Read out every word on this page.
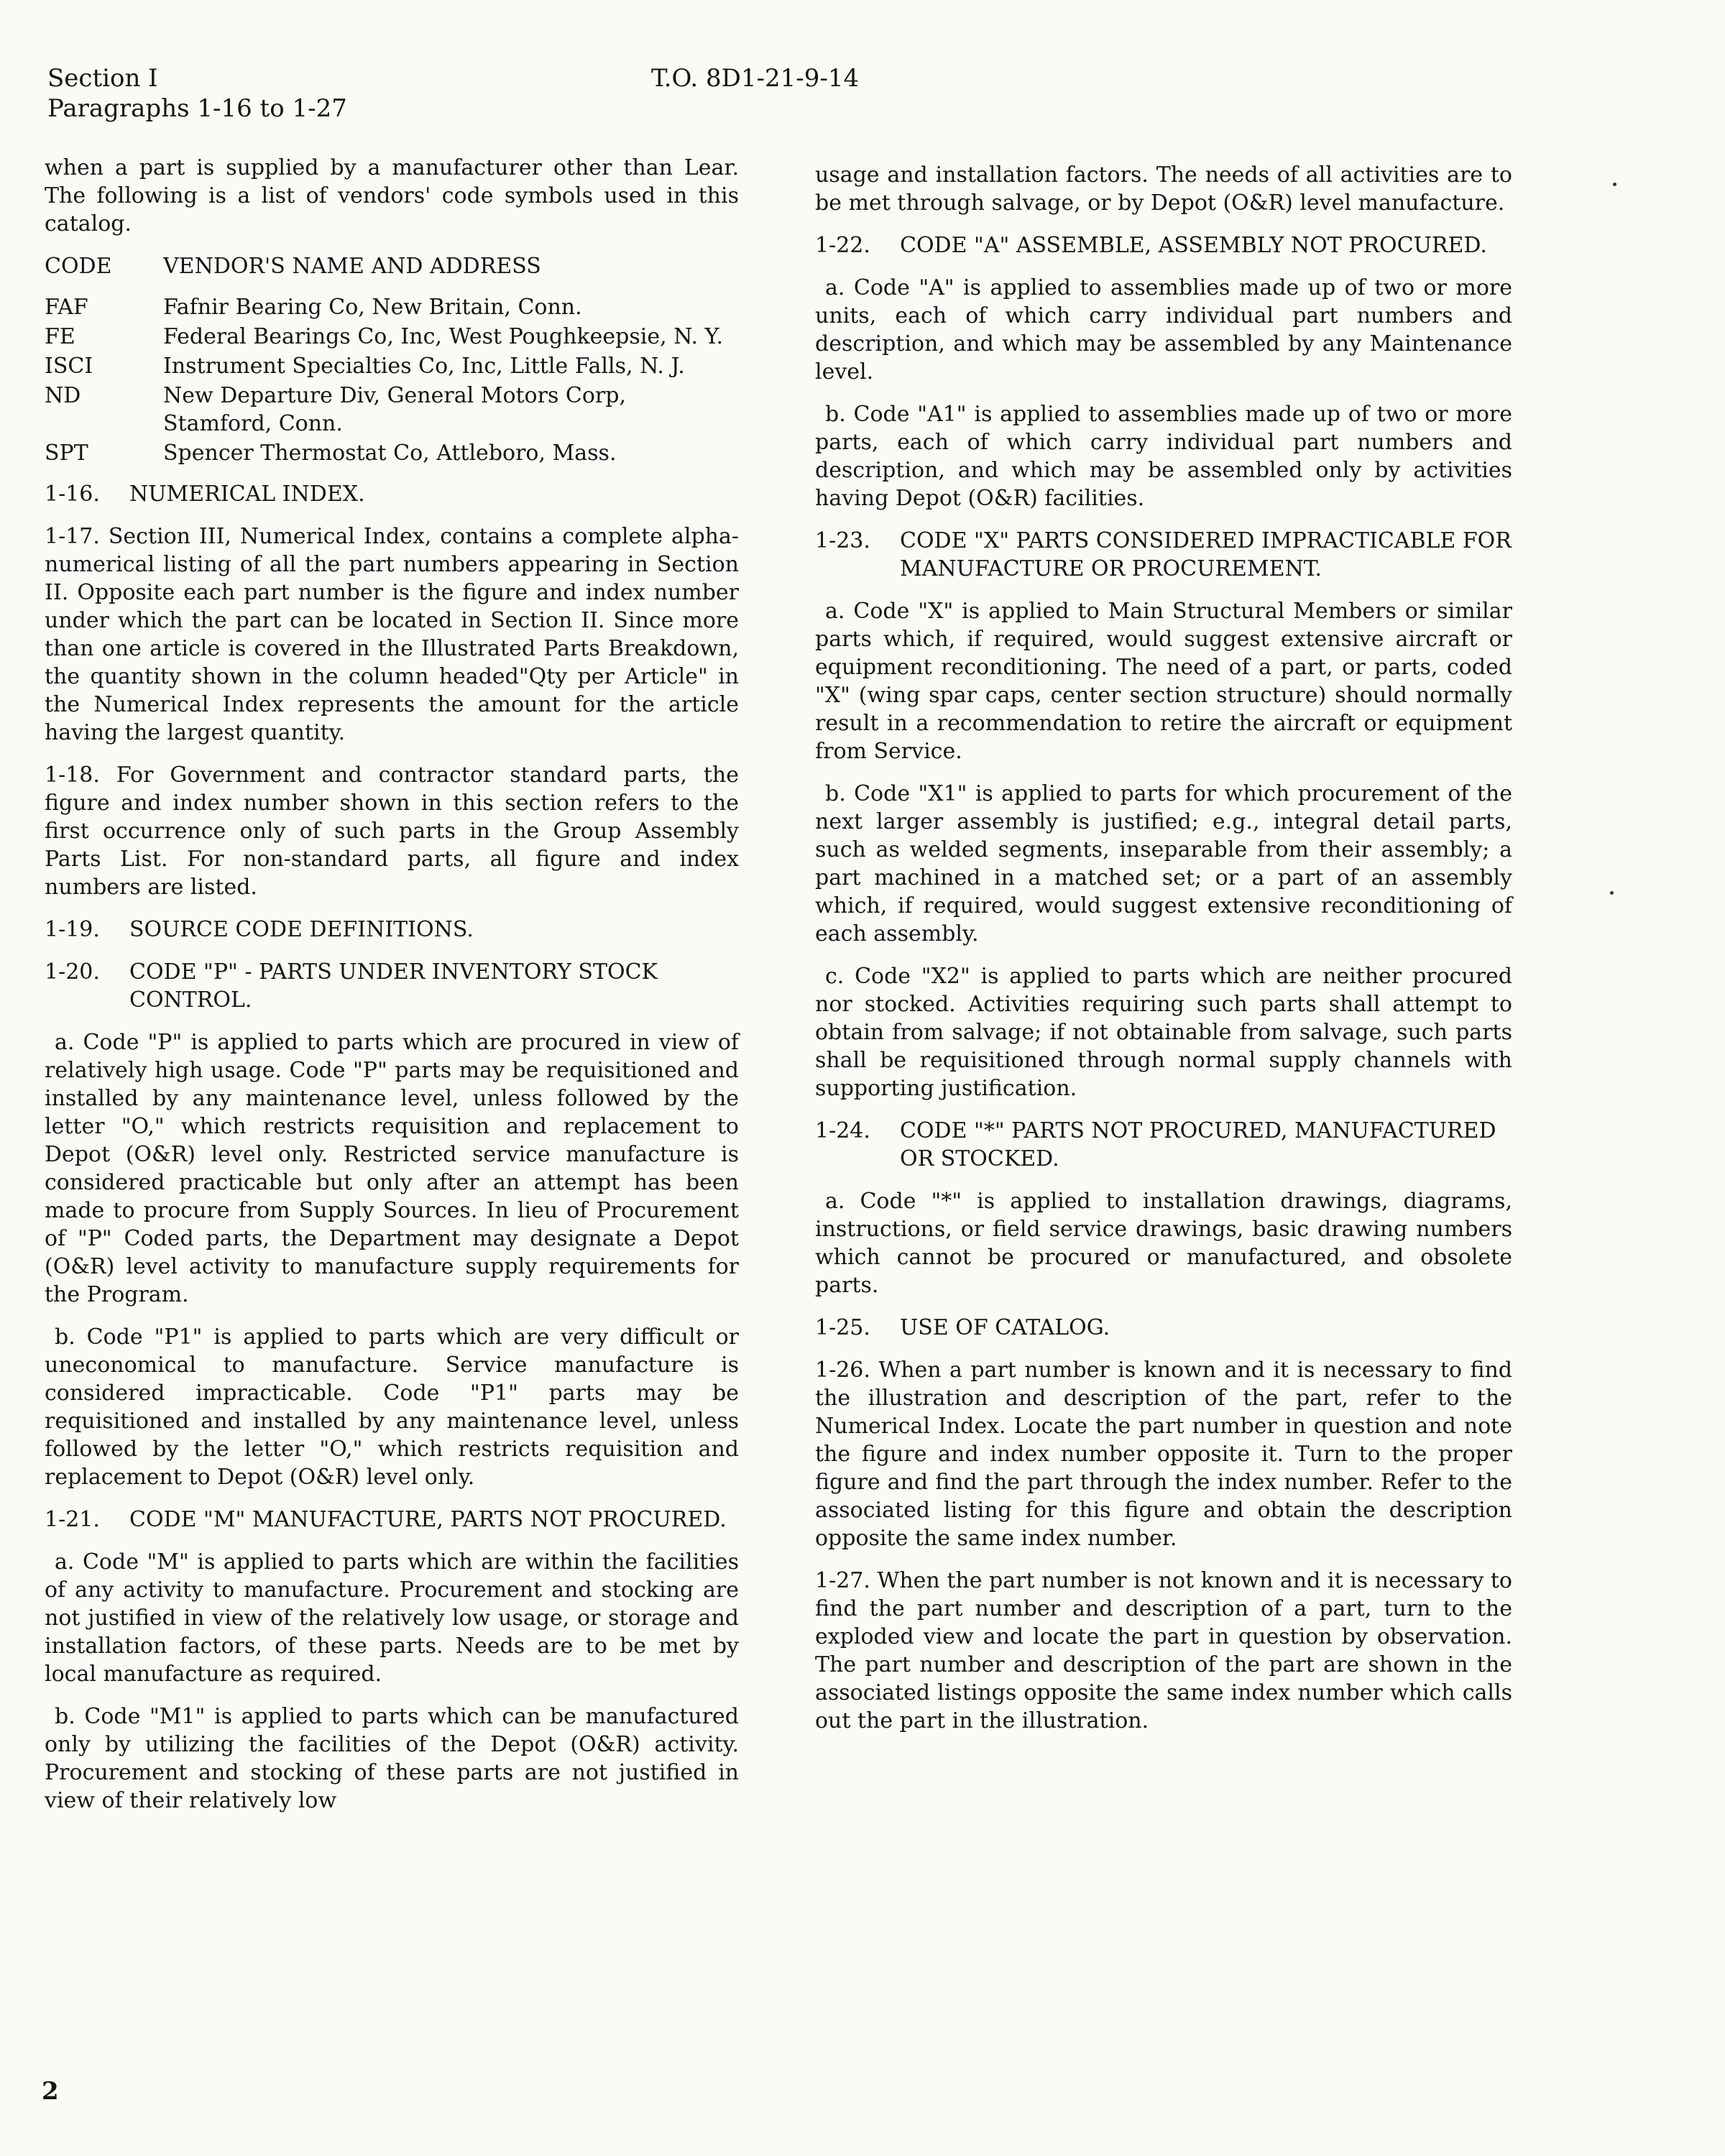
Section I
Paragraphs 1-16 to 1-27
T.O. 8D1-21-9-14

when a part is supplied by a manufacturer other than Lear. The following is a list of vendors' code symbols used in this catalog.

CODE	VENDOR'S NAME AND ADDRESS
FAF	Fafnir Bearing Co, New Britain, Conn.
FE	Federal Bearings Co, Inc, West Poughkeepsie, N. Y.
ISCI	Instrument Specialties Co, Inc, Little Falls, N. J.
ND	New Departure Div, General Motors Corp, Stamford, Conn.
SPT	Spencer Thermostat Co, Attleboro, Mass.
1-16.	NUMERICAL INDEX.

1-17. Section III, Numerical Index, contains a complete alpha-numerical listing of all the part numbers appearing in Section II. Opposite each part number is the figure and index number under which the part can be located in Section II. Since more than one article is covered in the Illustrated Parts Breakdown, the quantity shown in the column headed"Qty per Article" in the Numerical Index represents the amount for the article having the largest quantity.

1-18. For Government and contractor standard parts, the figure and index number shown in this section refers to the first occurrence only of such parts in the Group Assembly Parts List. For non-standard parts, all figure and index numbers are listed.

1-19.	SOURCE CODE DEFINITIONS.
1-20.	CODE "P" - PARTS UNDER INVENTORY STOCK CONTROL.

a. Code "P" is applied to parts which are procured in view of relatively high usage. Code "P" parts may be requisitioned and installed by any maintenance level, unless followed by the letter "O," which restricts requisition and replacement to Depot (O&R) level only. Restricted service manufacture is considered practicable but only after an attempt has been made to procure from Supply Sources. In lieu of Procurement of "P" Coded parts, the Department may designate a Depot (O&R) level activity to manufacture supply requirements for the Program.

b. Code "P1" is applied to parts which are very difficult or uneconomical to manufacture. Service manufacture is considered impracticable. Code "P1" parts may be requisitioned and installed by any maintenance level, unless followed by the letter "O," which restricts requisition and replacement to Depot (O&R) level only.

1-21.	CODE "M" MANUFACTURE, PARTS NOT PROCURED.

a. Code "M" is applied to parts which are within the facilities of any activity to manufacture. Procurement and stocking are not justified in view of the relatively low usage, or storage and installation factors, of these parts. Needs are to be met by local manufacture as required.

b. Code "M1" is applied to parts which can be manufactured only by utilizing the facilities of the Depot (O&R) activity. Procurement and stocking of these parts are not justified in view of their relatively low

usage and installation factors. The needs of all activities are to be met through salvage, or by Depot (O&R) level manufacture.

1-22.	CODE "A" ASSEMBLE, ASSEMBLY NOT PROCURED.

a. Code "A" is applied to assemblies made up of two or more units, each of which carry individual part numbers and description, and which may be assembled by any Maintenance level.

b. Code "A1" is applied to assemblies made up of two or more parts, each of which carry individual part numbers and description, and which may be assembled only by activities having Depot (O&R) facilities.

1-23.	CODE "X" PARTS CONSIDERED IMPRACTICABLE FOR MANUFACTURE OR PROCUREMENT.

a. Code "X" is applied to Main Structural Members or similar parts which, if required, would suggest extensive aircraft or equipment reconditioning. The need of a part, or parts, coded "X" (wing spar caps, center section structure) should normally result in a recommendation to retire the aircraft or equipment from Service.

b. Code "X1" is applied to parts for which procurement of the next larger assembly is justified; e.g., integral detail parts, such as welded segments, inseparable from their assembly; a part machined in a matched set; or a part of an assembly which, if required, would suggest extensive reconditioning of each assembly.

c. Code "X2" is applied to parts which are neither procured nor stocked. Activities requiring such parts shall attempt to obtain from salvage; if not obtainable from salvage, such parts shall be requisitioned through normal supply channels with supporting justification.

1-24.	CODE "*" PARTS NOT PROCURED, MANUFACTURED OR STOCKED.

a. Code "*" is applied to installation drawings, diagrams, instructions, or field service drawings, basic drawing numbers which cannot be procured or manufactured, and obsolete parts.

1-25.	USE OF CATALOG.

1-26. When a part number is known and it is necessary to find the illustration and description of the part, refer to the Numerical Index. Locate the part number in question and note the figure and index number opposite it. Turn to the proper figure and find the part through the index number. Refer to the associated listing for this figure and obtain the description opposite the same index number.

1-27. When the part number is not known and it is necessary to find the part number and description of a part, turn to the exploded view and locate the part in question by observation. The part number and description of the part are shown in the associated listings opposite the same index number which calls out the part in the illustration.

2
